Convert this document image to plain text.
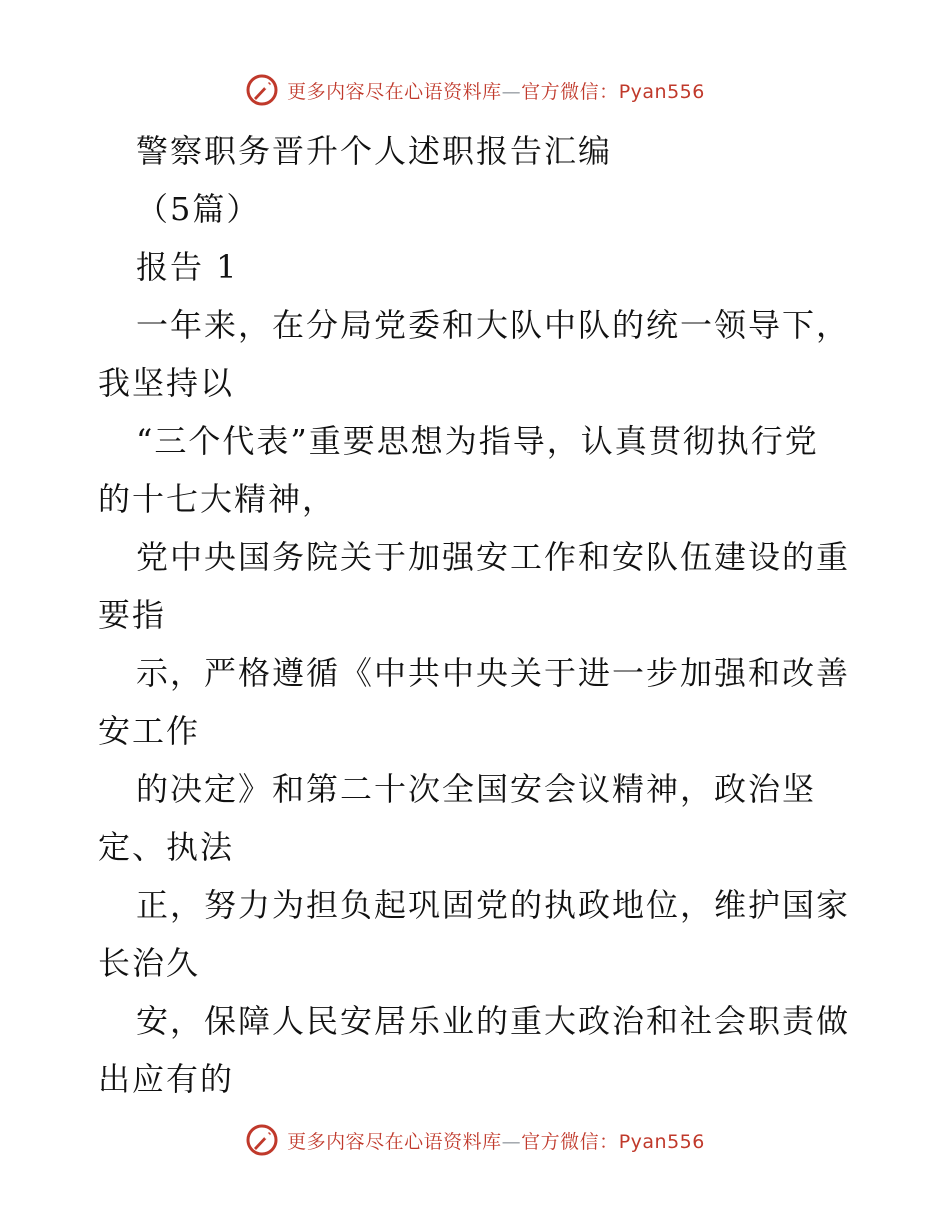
更多内容尽在心语资料库—官方微信：Pyan556
警察职务晋升个人述职报告汇编
（5篇）
报告 1
一年来，在分局党委和大队中队的统一领导下，
我坚持以
“三个代表”重要思想为指导，认真贯彻执行党
的十七大精神，
党中央国务院关于加强安工作和安队伍建设的重
要指
示，严格遵循《中共中央关于进一步加强和改善
安工作
的决定》和第二十次全国安会议精神，政治坚
定、执法
正，努力为担负起巩固党的执政地位，维护国家
长治久
安，保障人民安居乐业的重大政治和社会职责做
出应有的
更多内容尽在心语资料库—官方微信：Pyan556
